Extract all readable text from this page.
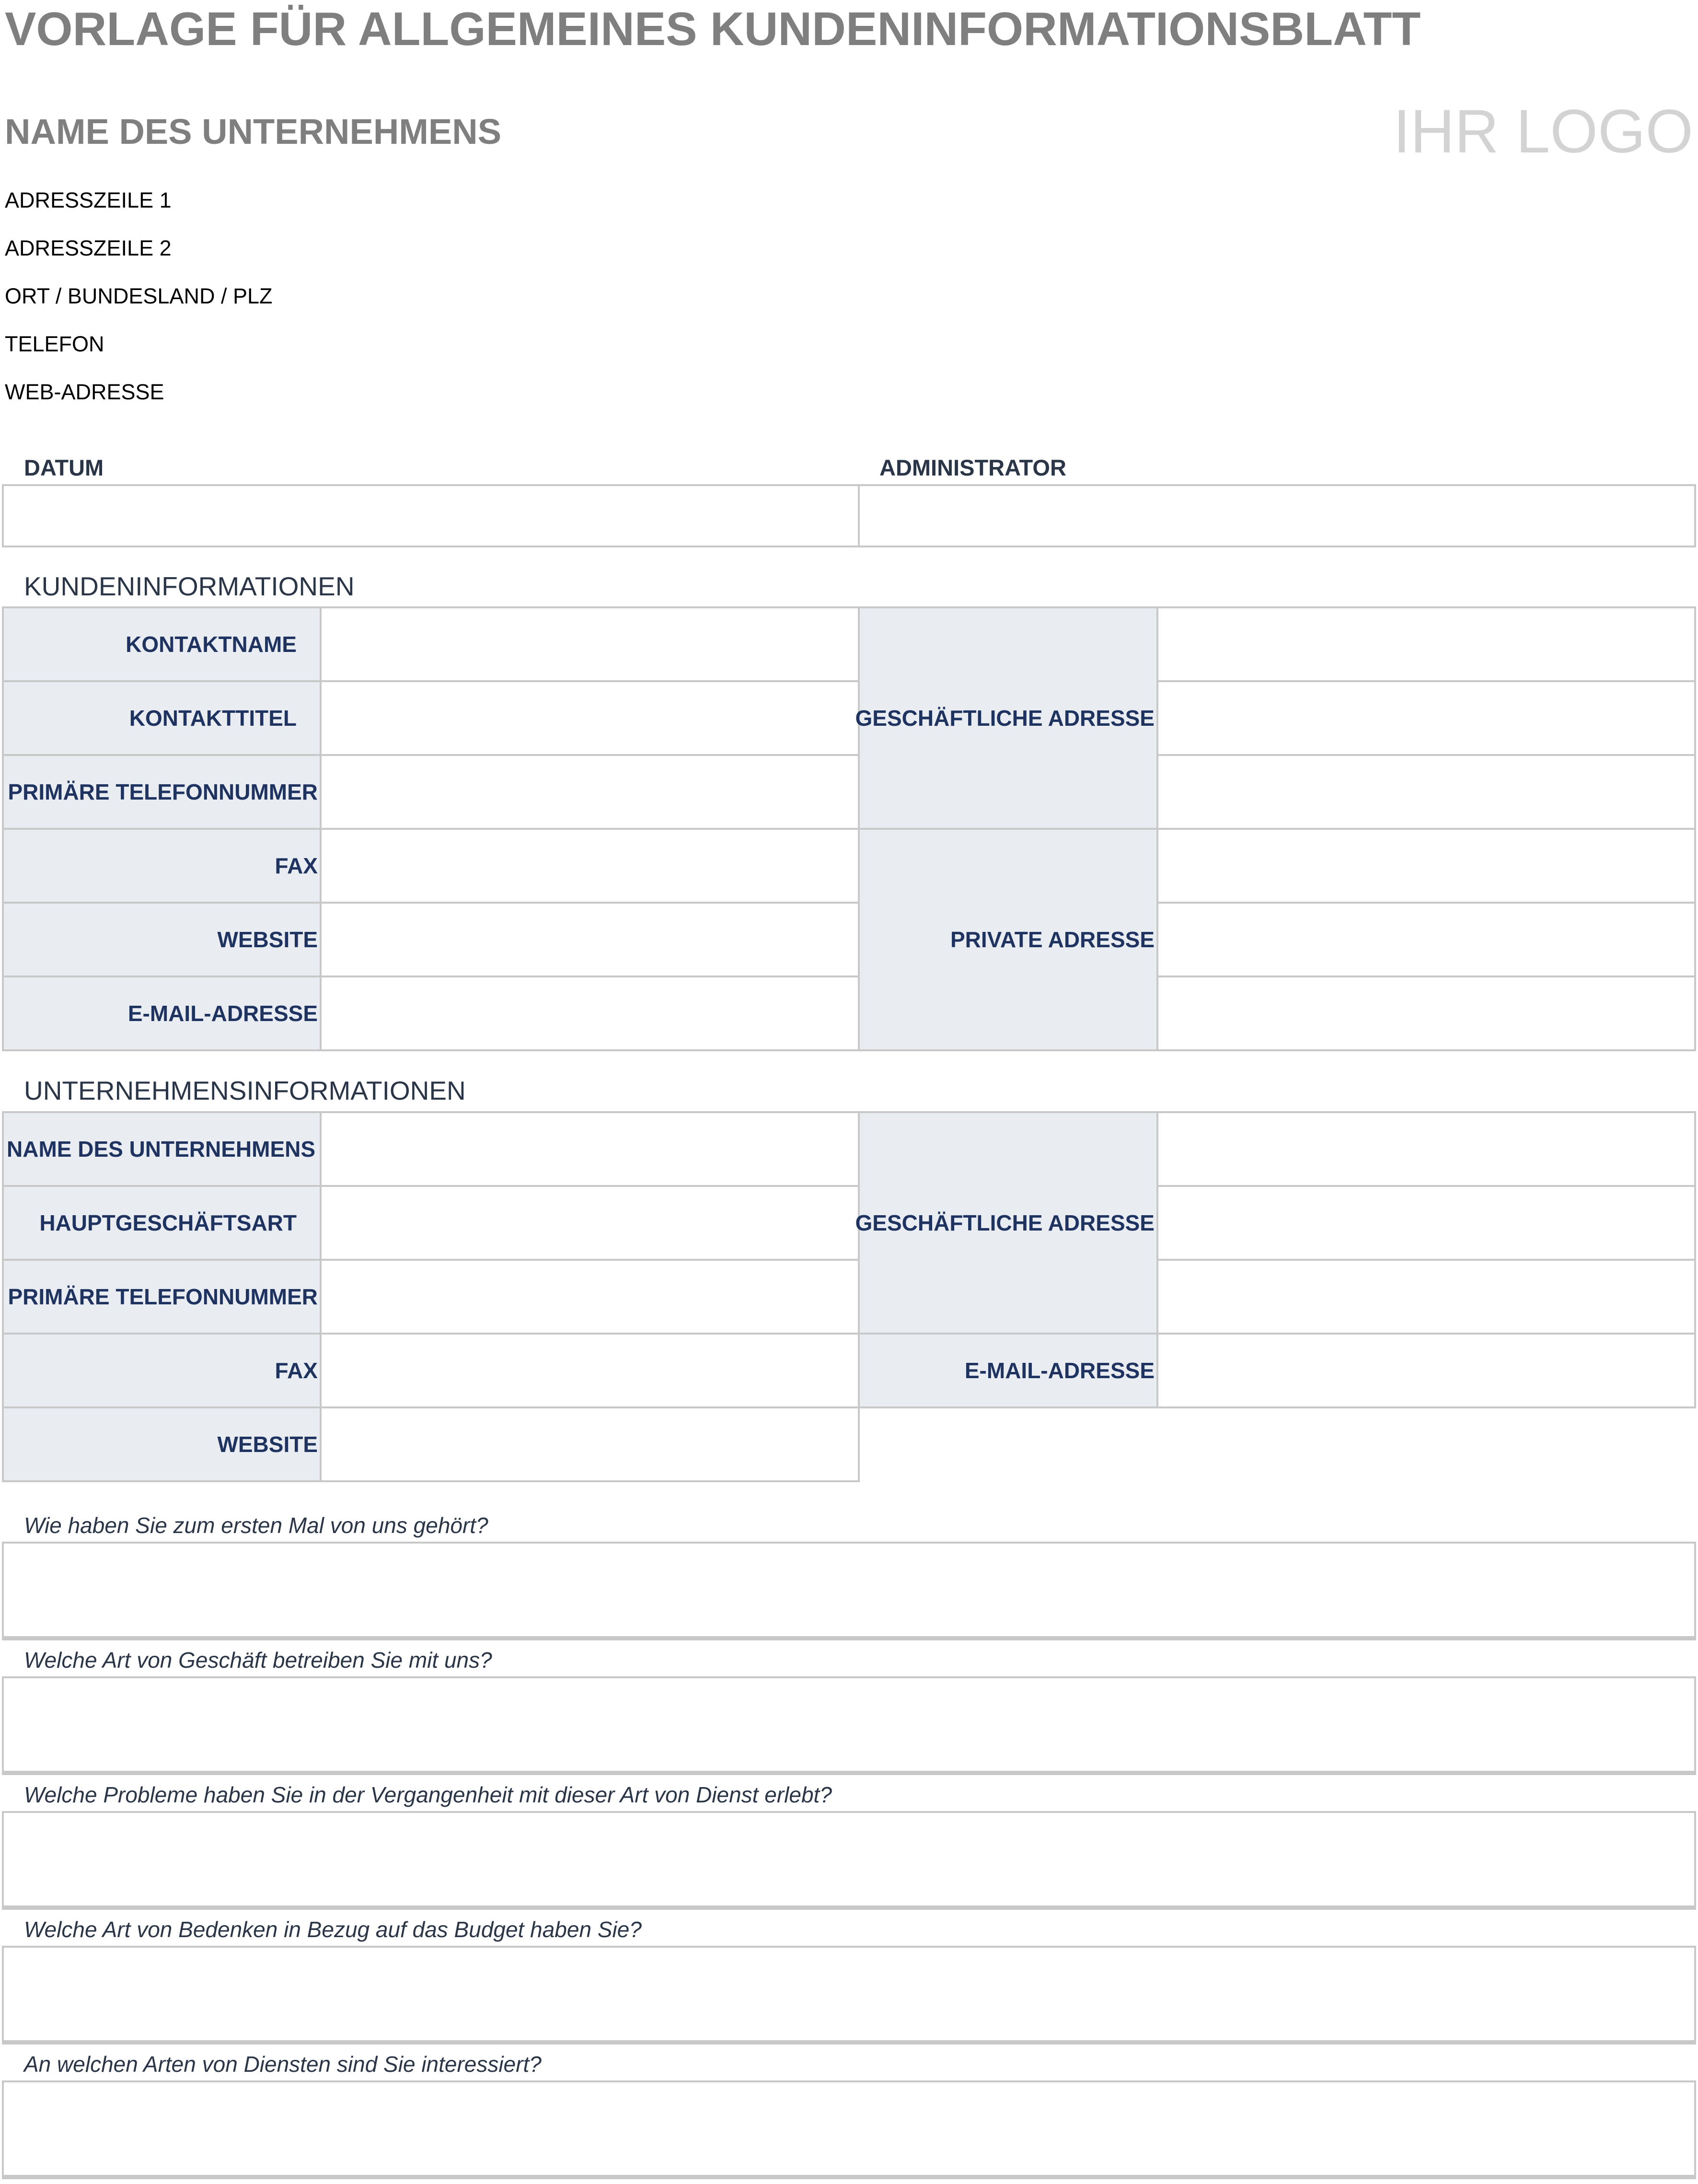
VORLAGE FÜR ALLGEMEINES KUNDENINFORMATIONSBLATT
NAME DES UNTERNEHMENS	IHR LOGO
ADRESSZEILE 1
ADRESSZEILE 2
ORT / BUNDESLAND / PLZ
TELEFON
WEB-ADRESSE
DATUM	ADMINISTRATOR
KUNDENINFORMATIONEN
KONTAKTNAME
KONTAKTTITEL
PRIMÄRE TELEFONNUMMER
FAX
WEBSITE
E-MAIL-ADRESSE
GESCHÄFTLICHE ADRESSE
PRIVATE ADRESSE
UNTERNEHMENSINFORMATIONEN
NAME DES UNTERNEHMENS
HAUPTGESCHÄFTSART
PRIMÄRE TELEFONNUMMER
FAX
WEBSITE
GESCHÄFTLICHE ADRESSE
E-MAIL-ADRESSE
Wie haben Sie zum ersten Mal von uns gehört?
Welche Art von Geschäft betreiben Sie mit uns?
Welche Probleme haben Sie in der Vergangenheit mit dieser Art von Dienst erlebt?
Welche Art von Bedenken in Bezug auf das Budget haben Sie?
An welchen Arten von Diensten sind Sie interessiert?
